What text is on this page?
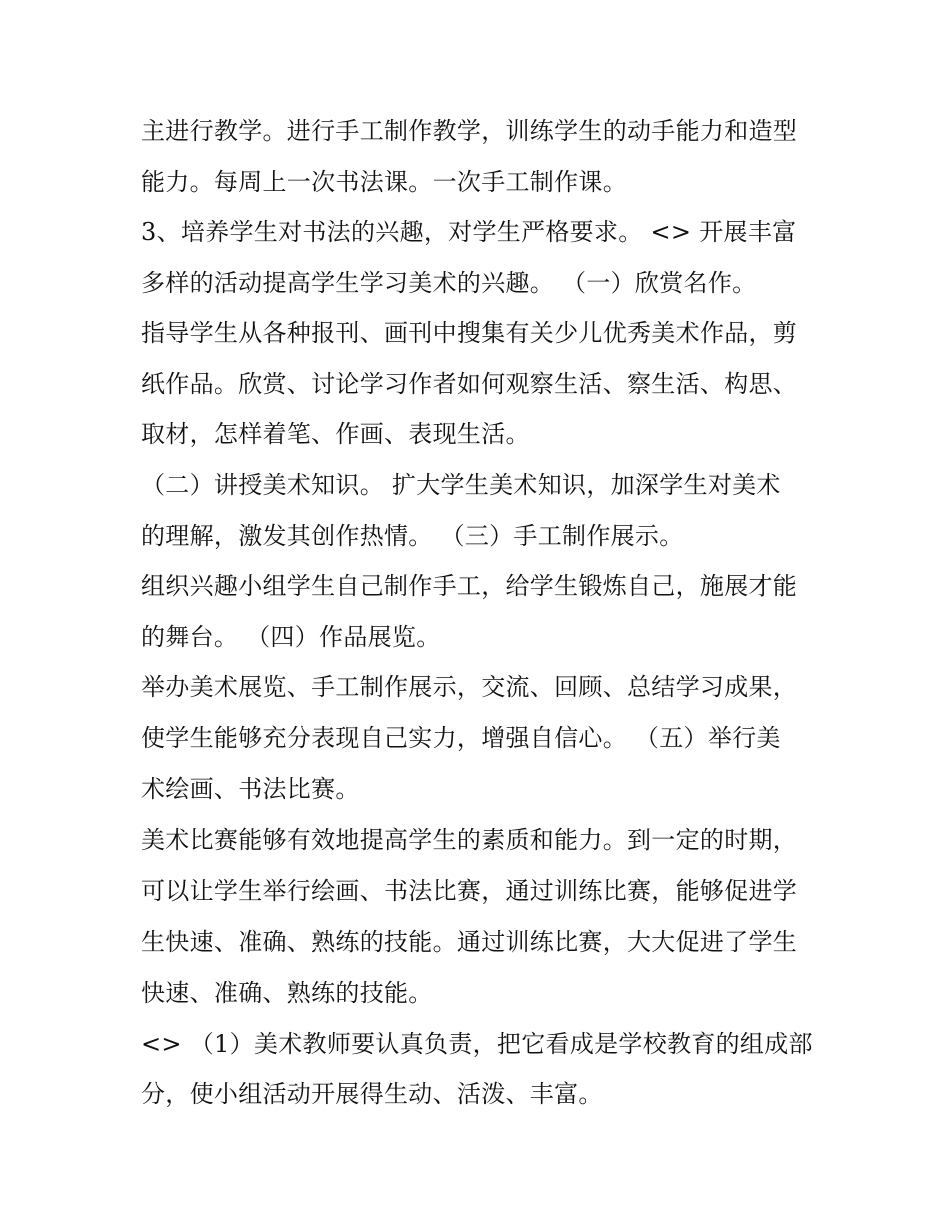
主进行教学。进行手工制作教学，训练学生的动手能力和造型
能力。每周上一次书法课。一次手工制作课。
3、培养学生对书法的兴趣，对学生严格要求。 <> 开展丰富
多样的活动提高学生学习美术的兴趣。 （一）欣赏名作。
指导学生从各种报刊、画刊中搜集有关少儿优秀美术作品，剪
纸作品。欣赏、讨论学习作者如何观察生活、察生活、构思、
取材，怎样着笔、作画、表现生活。
（二）讲授美术知识。 扩大学生美术知识，加深学生对美术
的理解，激发其创作热情。 （三）手工制作展示。
组织兴趣小组学生自己制作手工，给学生锻炼自己，施展才能
的舞台。 （四）作品展览。
举办美术展览、手工制作展示，交流、回顾、总结学习成果，
使学生能够充分表现自己实力，增强自信心。 （五）举行美
术绘画、书法比赛。
美术比赛能够有效地提高学生的素质和能力。到一定的时期，
可以让学生举行绘画、书法比赛，通过训练比赛，能够促进学
生快速、准确、熟练的技能。通过训练比赛，大大促进了学生
快速、准确、熟练的技能。
<> （1）美术教师要认真负责，把它看成是学校教育的组成部
分，使小组活动开展得生动、活泼、丰富。
